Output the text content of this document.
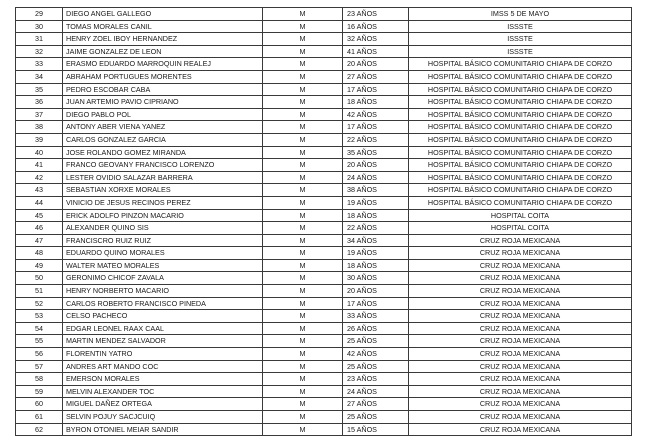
29	DIEGO ANGEL GALLEGO	M	23 AÑOS	IMSS 5 DE MAYO
30	TOMAS MORALES CANIL	M	16 AÑOS	ISSSTE
31	HENRY ZOEL IBOY HERNANDEZ	M	32 AÑOS	ISSSTE
32	JAIME GONZALEZ DE LEON	M	41 AÑOS	ISSSTE
33	ERASMO EDUARDO MARROQUIN REALEJ	M	20 AÑOS	HOSPITAL BÁSICO COMUNITARIO CHIAPA DE CORZO
34	ABRAHAM PORTUGUES MORENTES	M	27 AÑOS	HOSPITAL BÁSICO COMUNITARIO CHIAPA DE CORZO
35	PEDRO ESCOBAR CABA	M	17 AÑOS	HOSPITAL BÁSICO COMUNITARIO CHIAPA DE CORZO
36	JUAN ARTEMIO PAVIO CIPRIANO	M	18 AÑOS	HOSPITAL BÁSICO COMUNITARIO CHIAPA DE CORZO
37	DIEGO PABLO POL	M	42 AÑOS	HOSPITAL BÁSICO COMUNITARIO CHIAPA DE CORZO
38	ANTONY ABER VIENA YANEZ	M	17 AÑOS	HOSPITAL BÁSICO COMUNITARIO CHIAPA DE CORZO
39	CARLOS GONZALEZ GARCIA	M	22 AÑOS	HOSPITAL BÁSICO COMUNITARIO CHIAPA DE CORZO
40	JOSE ROLANDO GOMEZ MIRANDA	M	35 AÑOS	HOSPITAL BÁSICO COMUNITARIO CHIAPA DE CORZO
41	FRANCO GEOVANY FRANCISCO LORENZO	M	20 AÑOS	HOSPITAL BÁSICO COMUNITARIO CHIAPA DE CORZO
42	LESTER OVIDIO SALAZAR BARRERA	M	24 AÑOS	HOSPITAL BÁSICO COMUNITARIO CHIAPA DE CORZO
43	SEBASTIAN XORXE MORALES	M	38 AÑOS	HOSPITAL BÁSICO COMUNITARIO CHIAPA DE CORZO
44	VINICIO DE JESUS RECINOS PEREZ	M	19 AÑOS	HOSPITAL BÁSICO COMUNITARIO CHIAPA DE CORZO
45	ERICK ADOLFO PINZON MACARIO	M	18 AÑOS	HOSPITAL COITA
46	ALEXANDER QUINO SIS	M	22 AÑOS	HOSPITAL COITA
47	FRANCISCRO RUIZ RUIZ	M	34 AÑOS	CRUZ ROJA MEXICANA
48	EDUARDO QUINO MORALES	M	19 AÑOS	CRUZ ROJA MEXICANA
49	WALTER MATEO MORALES	M	18 AÑOS	CRUZ ROJA MEXICANA
50	GERONIMO CHICOF ZAVALA	M	30 AÑOS	CRUZ ROJA MEXICANA
51	HENRY NORBERTO MACARIO	M	20 AÑOS	CRUZ ROJA MEXICANA
52	CARLOS ROBERTO FRANCISCO PINEDA	M	17 AÑOS	CRUZ ROJA MEXICANA
53	CELSO PACHECO	M	33 AÑOS	CRUZ ROJA MEXICANA
54	EDGAR LEONEL RAAX CAAL	M	26 AÑOS	CRUZ ROJA MEXICANA
55	MARTIN MENDEZ SALVADOR	M	25 AÑOS	CRUZ ROJA MEXICANA
56	FLORENTIN YATRO	M	42 AÑOS	CRUZ ROJA MEXICANA
57	ANDRES ART MANDO COC	M	25 AÑOS	CRUZ ROJA MEXICANA
58	EMERSON MORALES	M	23 AÑOS	CRUZ ROJA MEXICANA
59	MELVIN ALEXANDER TOC	M	24 AÑOS	CRUZ ROJA MEXICANA
60	MIGUEL DAÑEZ ORTEGA	M	27 AÑOS	CRUZ ROJA MEXICANA
61	SELVIN POJUY SACJCUIQ	M	25 AÑOS	CRUZ ROJA MEXICANA
62	BYRON OTONIEL MEIAR SANDIR	M	15 AÑOS	CRUZ ROJA MEXICANA
